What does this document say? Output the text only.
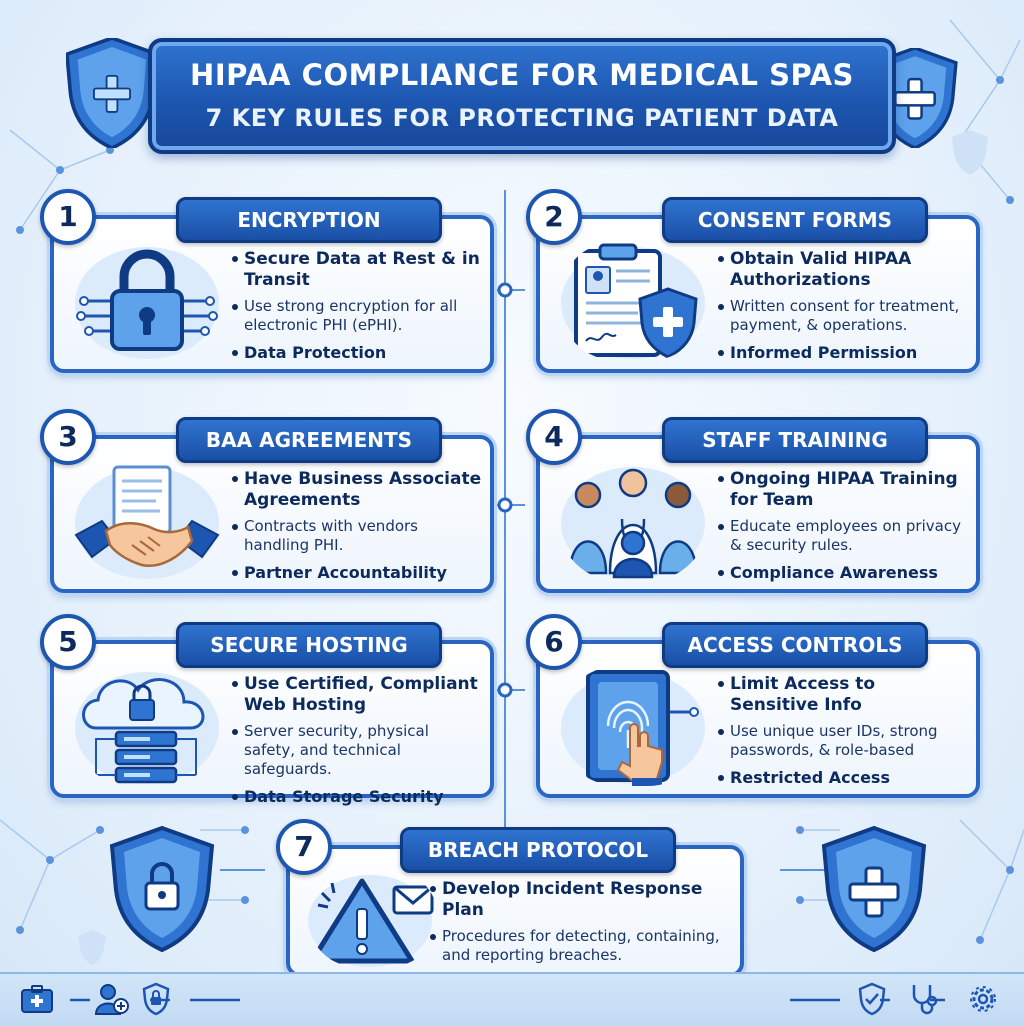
HIPAA COMPLIANCE FOR MEDICAL SPAS
7 KEY RULES FOR PROTECTING PATIENT DATA
1	ENCRYPTION
Secure Data at Rest & in Transit
Use strong encryption for all electronic PHI (ePHI).
Data Protection
2	CONSENT FORMS
Obtain Valid HIPAA Authorizations
Written consent for treatment, payment, & operations.
Informed Permission
3	BAA AGREEMENTS
Have Business Associate Agreements
Contracts with vendors handling PHI.
Partner Accountability
4	STAFF TRAINING
Ongoing HIPAA Training for Team
Educate employees on privacy & security rules.
Compliance Awareness
5	SECURE HOSTING
Use Certified, Compliant Web Hosting
Server security, physical safety, and technical safeguards.
Data Storage Security
6	ACCESS CONTROLS
Limit Access to Sensitive Info
Use unique user IDs, strong passwords, & role-based
Restricted Access
7	BREACH PROTOCOL
Develop Incident Response Plan
Procedures for detecting, containing, and reporting breaches.
